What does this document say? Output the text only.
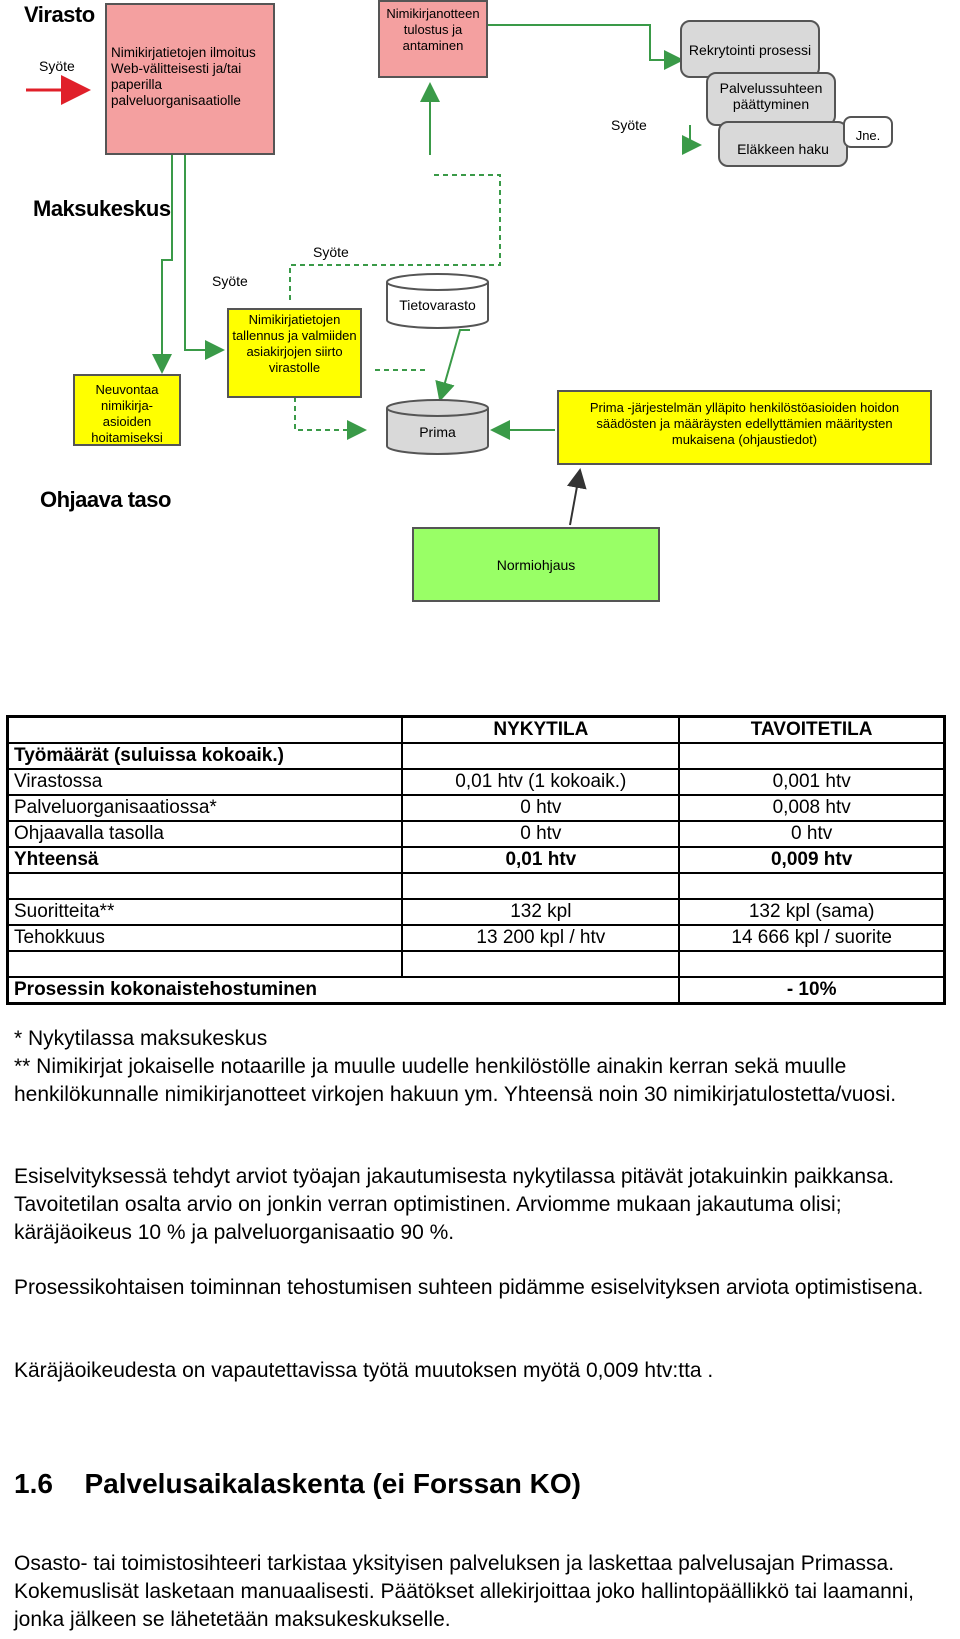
Virasto
Maksukeskus
Ohjaava taso
Syöte
Syöte
Syöte
Syöte
Nimikirjatietojen ilmoitus Web-välitteisesti ja/tai paperilla palveluorganisaatiolle
Nimikirjanotteen tulostus ja antaminen	Rekrytointi prosessi
Palvelussuhteen päättyminen
Eläkkeen haku
Jne.
Neuvontaa nimikirja-asioiden hoitamiseksi
Nimikirjatietojen tallennus ja valmiiden asiakirjojen siirto virastolle
Tietovarasto
Prima
Prima -järjestelmän ylläpito henkilöstöasioiden hoidon säädösten ja määräysten edellyttämien määritysten mukaisena (ohjaustiedot)
Normiohjaus
	NYKYTILA	TAVOITETILA
Työmäärät (suluissa kokoaik.)		
Virastossa	0,01 htv (1 kokoaik.)	0,001 htv
Palveluorganisaatiossa*	0 htv	0,008 htv
Ohjaavalla tasolla	0 htv	0 htv
Yhteensä	0,01 htv	0,009 htv

Suoritteita**	132 kpl	132 kpl (sama)
Tehokkuus	13 200 kpl / htv	14 666 kpl / suorite

Prosessin kokonaistehostuminen		- 10%
* Nykytilassa maksukeskus
** Nimikirjat jokaiselle notaarille ja muulle uudelle henkilöstölle ainakin kerran sekä muulle henkilökunnalle nimikirjanotteet virkojen hakuun ym. Yhteensä noin 30 nimikirjatulostetta/vuosi.
Esiselvityksessä tehdyt arviot työajan jakautumisesta nykytilassa pitävät jotakuinkin paikkansa. Tavoitetilan osalta arvio on jonkin verran optimistinen. Arviomme mukaan jakautuma olisi; käräjäoikeus 10 % ja palveluorganisaatio 90 %.
Prosessikohtaisen toiminnan tehostumisen suhteen pidämme esiselvityksen arviota optimistisena.
Käräjäoikeudesta on vapautettavissa työtä muutoksen myötä 0,009 htv:tta .
1.6 Palvelusaikalaskenta (ei Forssan KO)
Osasto- tai toimistosihteeri tarkistaa yksityisen palveluksen ja laskettaa palvelusajan Primassa. Kokemuslisät lasketaan manuaalisesti. Päätökset allekirjoittaa joko hallintopäällikkö tai laamanni, jonka jälkeen se lähetetään maksukeskukselle.
